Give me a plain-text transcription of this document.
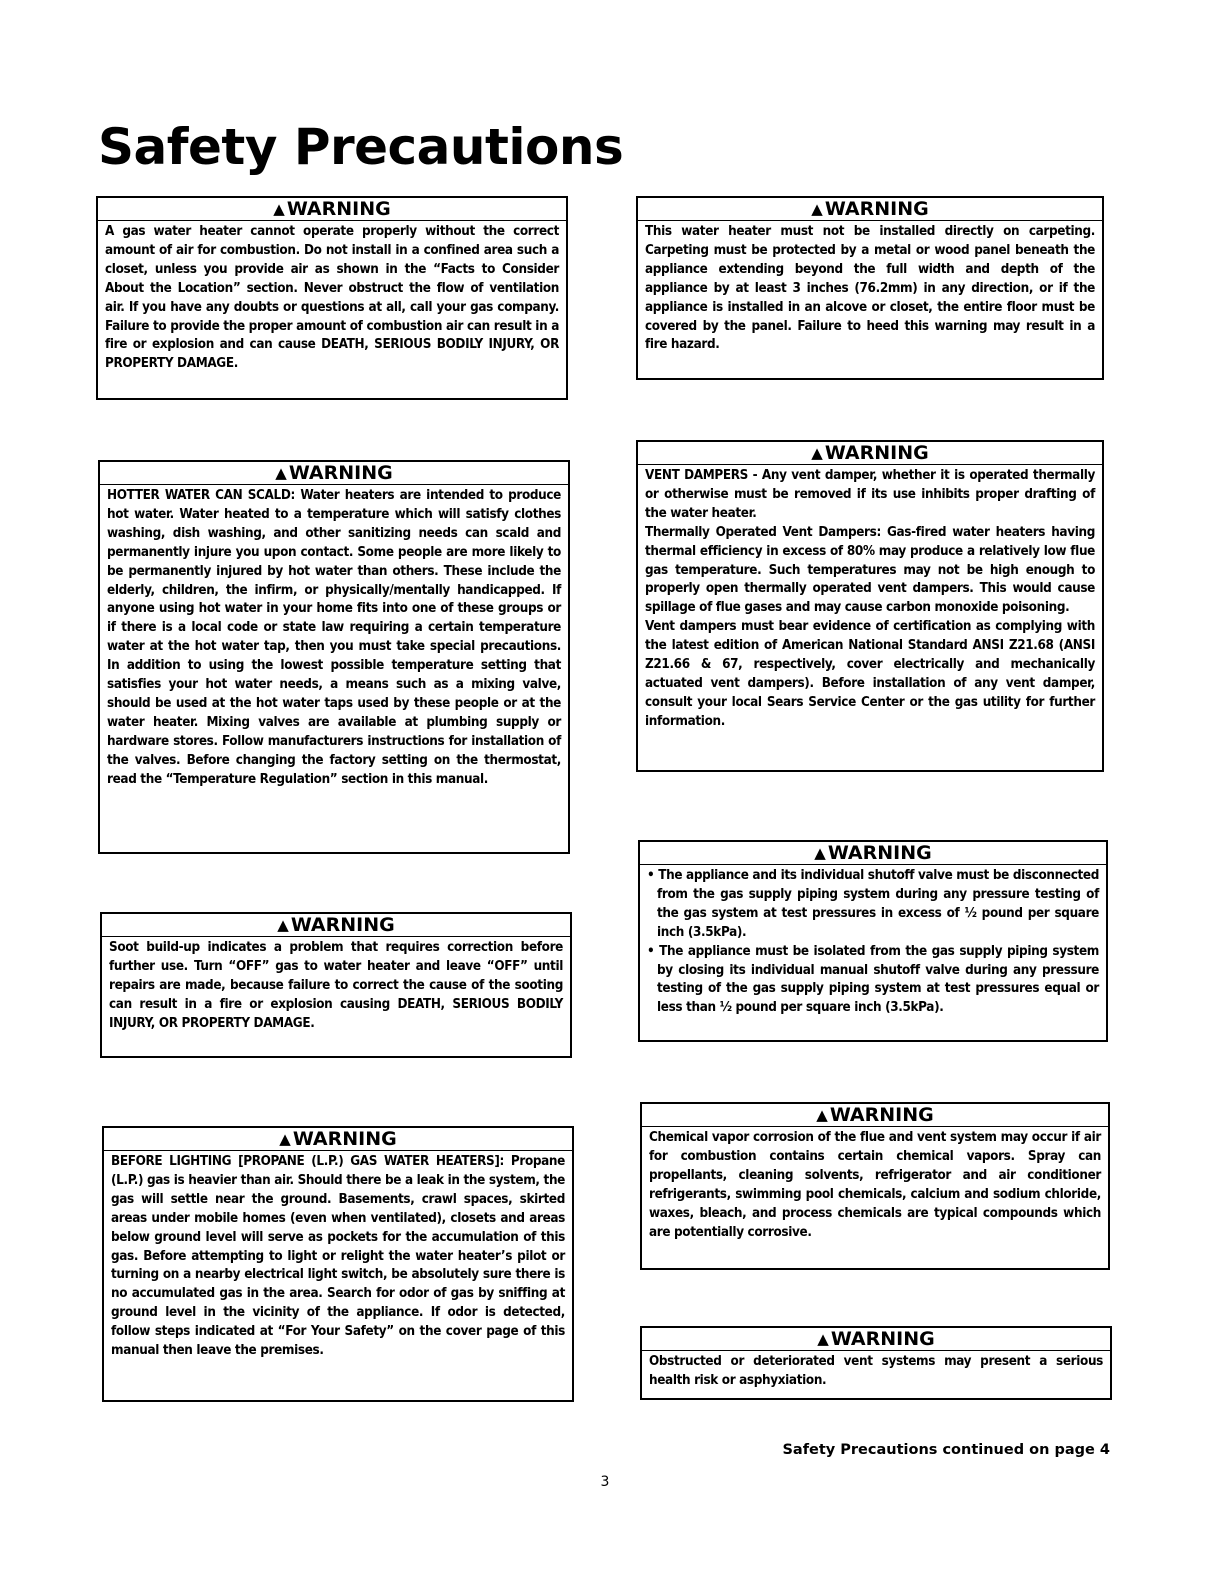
Safety Precautions
▲ WARNING

A gas water heater cannot operate properly without the correct amount of air for combustion. Do not install in a confined area such a closet, unless you provide air as shown in the “Facts to Consider About the Location” section. Never obstruct the flow of ventilation air. If you have any doubts or questions at all, call your gas company. Failure to provide the proper amount of combustion air can result in a fire or explosion and can cause DEATH, SERIOUS BODILY INJURY, OR PROPERTY DAMAGE.

▲ WARNING

HOTTER WATER CAN SCALD: Water heaters are intended to produce hot water. Water heated to a temperature which will satisfy clothes washing, dish washing, and other sanitizing needs can scald and permanently injure you upon contact. Some people are more likely to be permanently injured by hot water than others. These include the elderly, children, the infirm, or physically/mentally handicapped. If anyone using hot water in your home fits into one of these groups or if there is a local code or state law requiring a certain temperature water at the hot water tap, then you must take special precautions. In addition to using the lowest possible temperature setting that satisfies your hot water needs, a means such as a mixing valve, should be used at the hot water taps used by these people or at the water heater. Mixing valves are available at plumbing supply or hardware stores. Follow manufacturers instructions for installation of the valves. Before changing the factory setting on the thermostat, read the “Temperature Regulation” section in this manual.

▲ WARNING

Soot build-up indicates a problem that requires correction before further use. Turn “OFF” gas to water heater and leave “OFF” until repairs are made, because failure to correct the cause of the sooting can result in a fire or explosion causing DEATH, SERIOUS BODILY INJURY, OR PROPERTY DAMAGE.

▲ WARNING

BEFORE LIGHTING [PROPANE (L.P.) GAS WATER HEATERS]: Propane (L.P.) gas is heavier than air. Should there be a leak in the system, the gas will settle near the ground. Basements, crawl spaces, skirted areas under mobile homes (even when ventilated), closets and areas below ground level will serve as pockets for the accumulation of this gas. Before attempting to light or relight the water heater’s pilot or turning on a nearby electrical light switch, be absolutely sure there is no accumulated gas in the area. Search for odor of gas by sniffing at ground level in the vicinity of the appliance. If odor is detected, follow steps indicated at “For Your Safety” on the cover page of this manual then leave the premises.

▲ WARNING

This water heater must not be installed directly on carpeting. Carpeting must be protected by a metal or wood panel beneath the appliance extending beyond the full width and depth of the appliance by at least 3 inches (76.2mm) in any direction, or if the appliance is installed in an alcove or closet, the entire floor must be covered by the panel. Failure to heed this warning may result in a fire hazard.

▲ WARNING

VENT DAMPERS - Any vent damper, whether it is operated thermally or otherwise must be removed if its use inhibits proper drafting of the water heater.

Thermally Operated Vent Dampers: Gas-fired water heaters having thermal efficiency in excess of 80% may produce a relatively low flue gas temperature. Such temperatures may not be high enough to properly open thermally operated vent dampers. This would cause spillage of flue gases and may cause carbon monoxide poisoning.

Vent dampers must bear evidence of certification as complying with the latest edition of American National Standard ANSI Z21.68 (ANSI Z21.66 & 67, respectively, cover electrically and mechanically actuated vent dampers). Before installation of any vent damper, consult your local Sears Service Center or the gas utility for further information.

▲ WARNING
• The appliance and its individual shutoff valve must be disconnected from the gas supply piping system during any pressure testing of the gas system at test pressures in excess of ½ pound per square inch (3.5kPa).
• The appliance must be isolated from the gas supply piping system by closing its individual manual shutoff valve during any pressure testing of the gas supply piping system at test pressures equal or less than ½ pound per square inch (3.5kPa).
▲ WARNING

Chemical vapor corrosion of the flue and vent system may occur if air for combustion contains certain chemical vapors. Spray can propellants, cleaning solvents, refrigerator and air conditioner refrigerants, swimming pool chemicals, calcium and sodium chloride, waxes, bleach, and process chemicals are typical compounds which are potentially corrosive.

▲ WARNING

Obstructed or deteriorated vent systems may present a serious health risk or asphyxiation.

Safety Precautions continued on page 4
3
